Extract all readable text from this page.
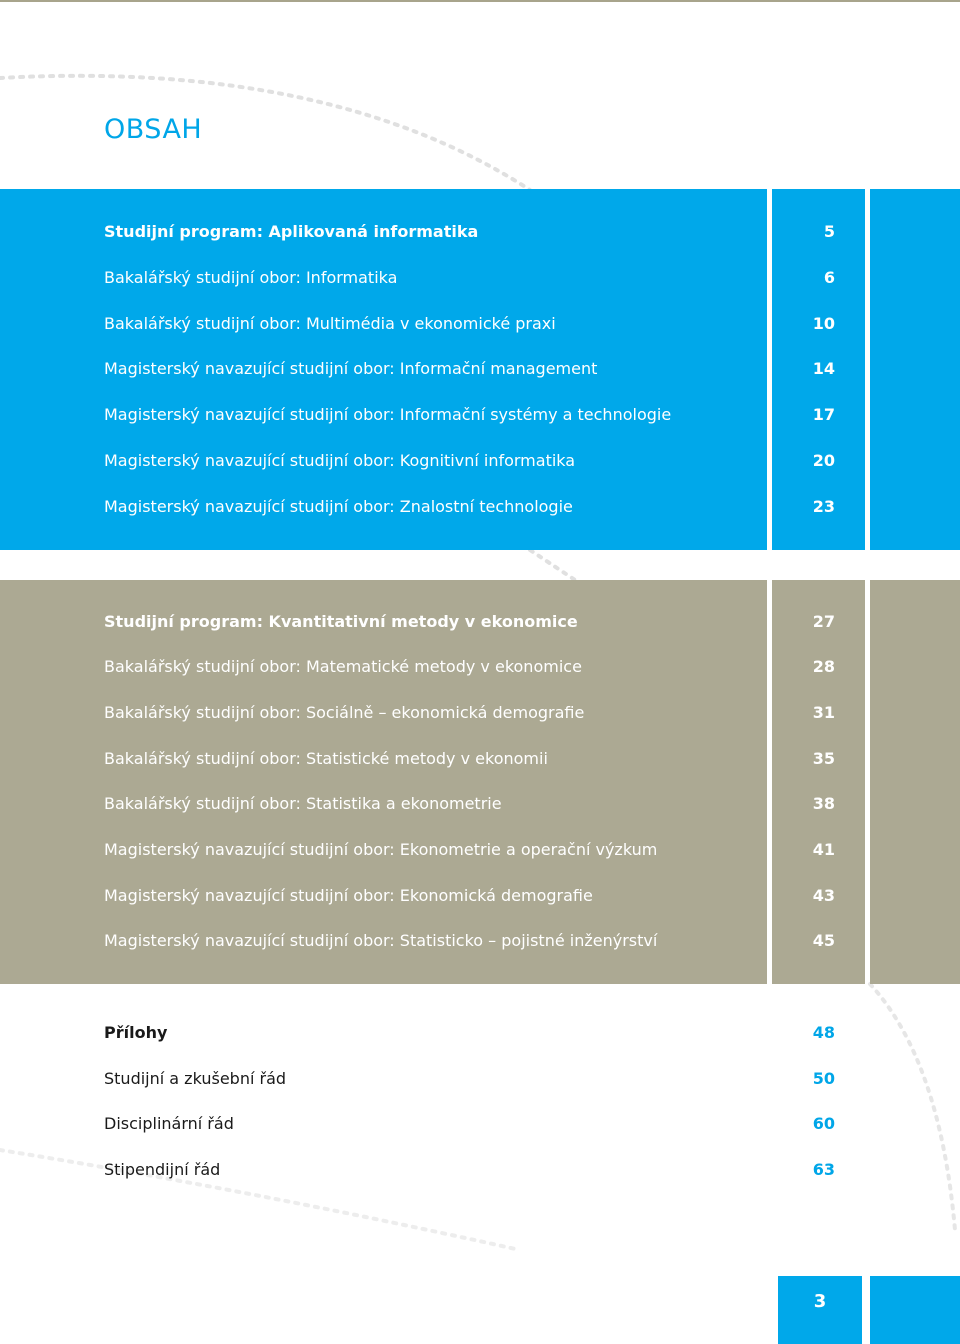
OBSAH
Studijní program: Aplikovaná informatika	5
Bakalářský studijní obor: Informatika	6
Bakalářský studijní obor: Multimédia v ekonomické praxi	10
Magisterský navazující studijní obor: Informační management	14
Magisterský navazující studijní obor: Informační systémy a technologie	17
Magisterský navazující studijní obor: Kognitivní informatika	20
Magisterský navazující studijní obor: Znalostní technologie	23
Studijní program: Kvantitativní metody v ekonomice	27
Bakalářský studijní obor: Matematické metody v ekonomice	28
Bakalářský studijní obor: Sociálně – ekonomická demografie	31
Bakalářský studijní obor: Statistické metody v ekonomii	35
Bakalářský studijní obor: Statistika a ekonometrie	38
Magisterský navazující studijní obor: Ekonometrie a operační výzkum	41
Magisterský navazující studijní obor: Ekonomická demografie	43
Magisterský navazující studijní obor: Statisticko – pojistné inženýrství	45
Přílohy	48
Studijní a zkušební řád	50
Disciplinární řád	60
Stipendijní řád	63
3
